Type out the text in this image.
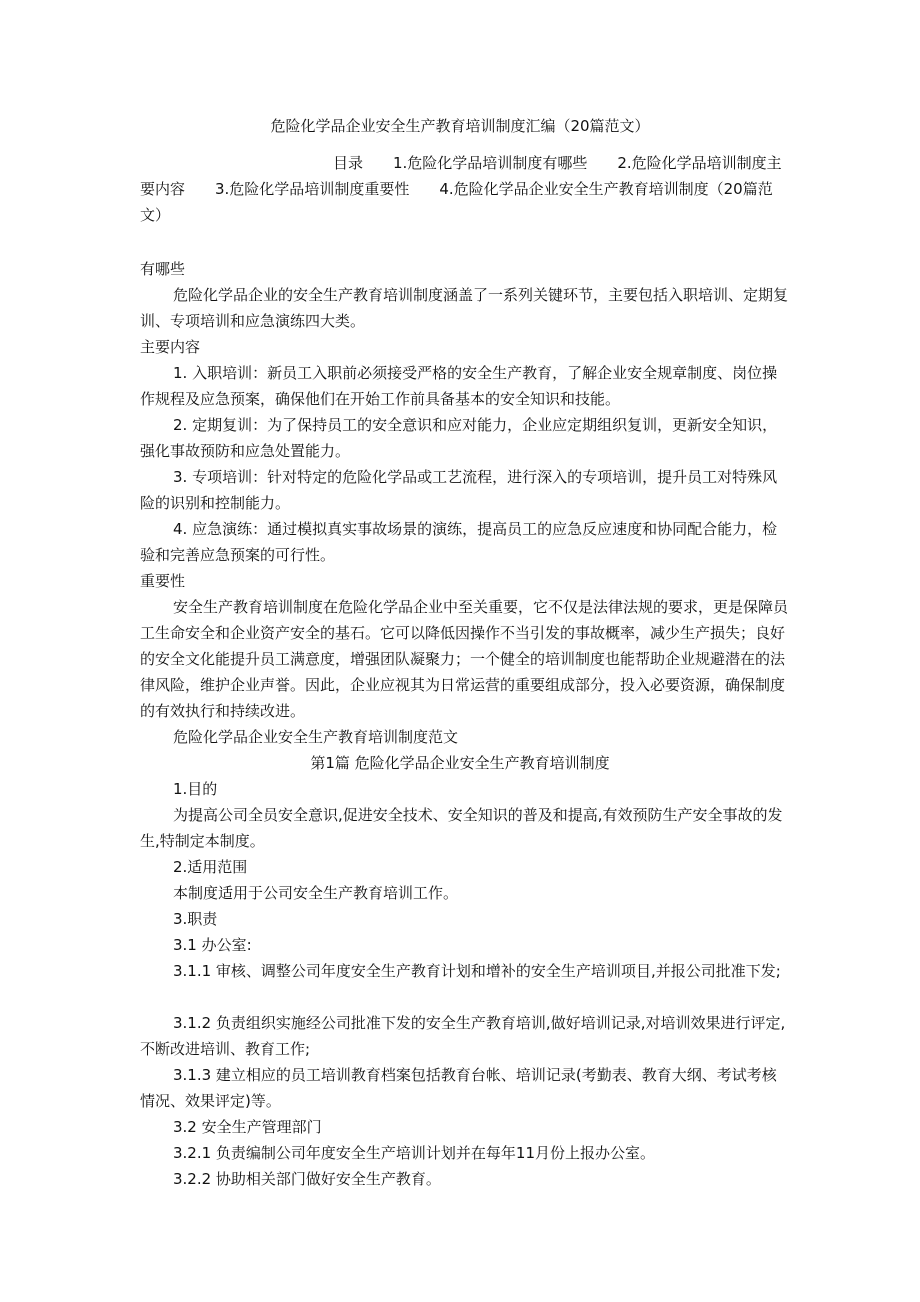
危险化学品企业安全生产教育培训制度汇编（20篇范文）
目录　　1.危险化学品培训制度有哪些　　2.危险化学品培训制度主要内容　　3.危险化学品培训制度重要性　　4.危险化学品企业安全生产教育培训制度（20篇范文）
有哪些
危险化学品企业的安全生产教育培训制度涵盖了一系列关键环节，主要包括入职培训、定期复训、专项培训和应急演练四大类。
主要内容
1. 入职培训：新员工入职前必须接受严格的安全生产教育，了解企业安全规章制度、岗位操作规程及应急预案，确保他们在开始工作前具备基本的安全知识和技能。
2. 定期复训：为了保持员工的安全意识和应对能力，企业应定期组织复训，更新安全知识，强化事故预防和应急处置能力。
3. 专项培训：针对特定的危险化学品或工艺流程，进行深入的专项培训，提升员工对特殊风险的识别和控制能力。
4. 应急演练：通过模拟真实事故场景的演练，提高员工的应急反应速度和协同配合能力，检验和完善应急预案的可行性。
重要性
安全生产教育培训制度在危险化学品企业中至关重要，它不仅是法律法规的要求，更是保障员工生命安全和企业资产安全的基石。它可以降低因操作不当引发的事故概率，减少生产损失；良好的安全文化能提升员工满意度，增强团队凝聚力；一个健全的培训制度也能帮助企业规避潜在的法律风险，维护企业声誉。因此，企业应视其为日常运营的重要组成部分，投入必要资源，确保制度的有效执行和持续改进。
危险化学品企业安全生产教育培训制度范文
第1篇 危险化学品企业安全生产教育培训制度
1.目的
为提高公司全员安全意识,促进安全技术、安全知识的普及和提高,有效预防生产安全事故的发生,特制定本制度。
2.适用范围
本制度适用于公司安全生产教育培训工作。
3.职责
3.1 办公室:
3.1.1 审核、调整公司年度安全生产教育计划和增补的安全生产培训项目,并报公司批准下发;
3.1.2 负责组织实施经公司批准下发的安全生产教育培训,做好培训记录,对培训效果进行评定,不断改进培训、教育工作;
3.1.3 建立相应的员工培训教育档案包括教育台帐、培训记录(考勤表、教育大纲、考试考核情况、效果评定)等。
3.2 安全生产管理部门
3.2.1 负责编制公司年度安全生产培训计划并在每年11月份上报办公室。
3.2.2 协助相关部门做好安全生产教育。
